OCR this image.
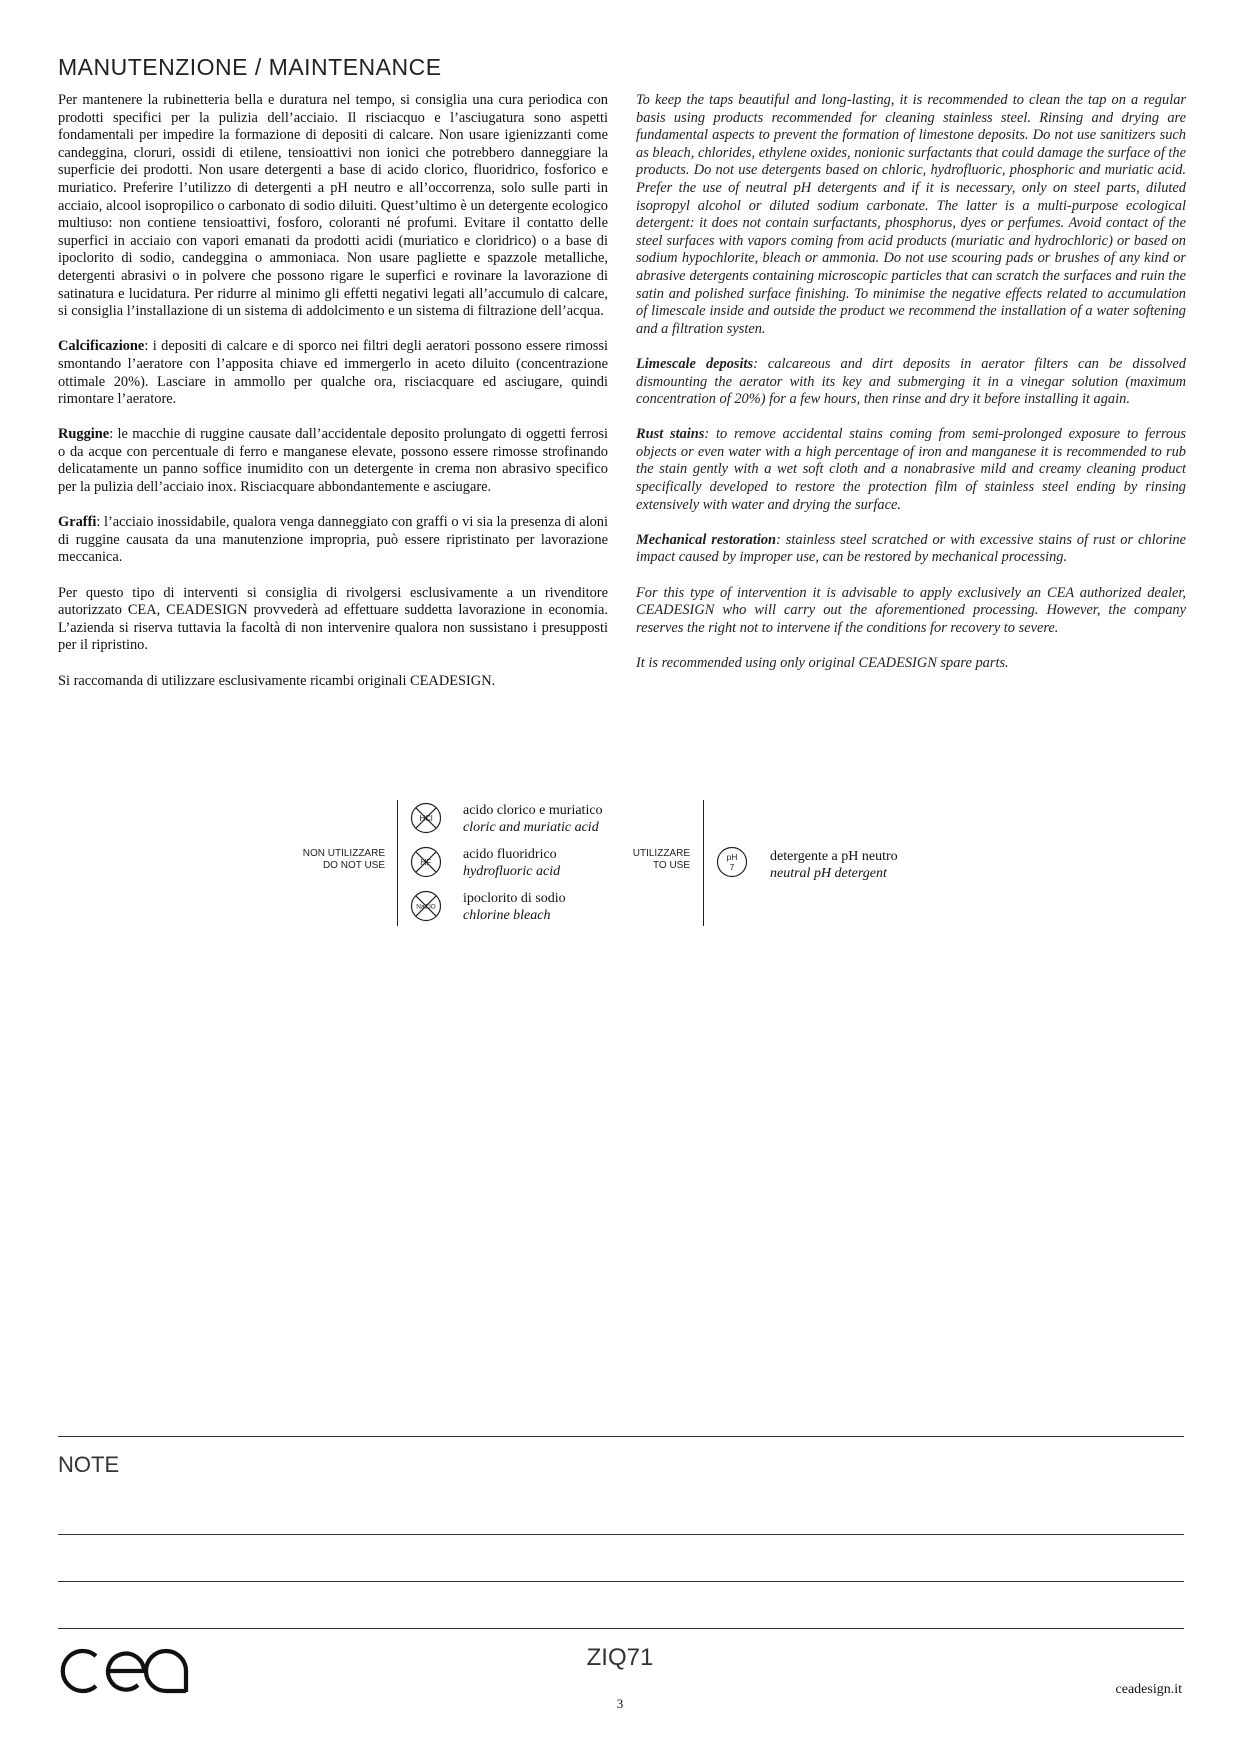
MANUTENZIONE / MAINTENANCE

Per mantenere la rubinetteria bella e duratura nel tempo, si consiglia una cura periodica con prodotti specifici per la pulizia dell’acciaio. Il risciacquo e l’asciugatura sono aspetti fondamentali per impedire la formazione di depositi di calcare. Non usare igienizzanti come candeggina, cloruri, ossidi di etilene, tensioattivi non ionici che potrebbero danneggiare la superficie dei prodotti. Non usare detergenti a base di acido clorico, fluoridrico, fosforico e muriatico. Preferire l’utilizzo di detergenti a pH neutro e all’occorrenza, solo sulle parti in acciaio, alcool isopropilico o carbonato di sodio diluiti. Quest’ultimo è un detergente ecologico multiuso: non contiene tensioattivi, fosforo, coloranti né profumi. Evitare il contatto delle superfici in acciaio con vapori emanati da prodotti acidi (muriatico e cloridrico) o a base di ipoclorito di sodio, candeggina o ammoniaca. Non usare pagliette e spazzole metalliche, detergenti abrasivi o in polvere che possono rigare le superfici e rovinare la lavorazione di satinatura e lucidatura. Per ridurre al minimo gli effetti negativi legati all’accumulo di calcare, si consiglia l’installazione di un sistema di addolcimento e un sistema di filtrazione dell’acqua.

Calcificazione: i depositi di calcare e di sporco nei filtri degli aeratori possono essere rimossi smontando l’aeratore con l’apposita chiave ed immergerlo in aceto diluito (concentrazione ottimale 20%). Lasciare in ammollo per qualche ora, risciacquare ed asciugare, quindi rimontare l’aeratore.

Ruggine: le macchie di ruggine causate dall’accidentale deposito prolungato di oggetti ferrosi o da acque con percentuale di ferro e manganese elevate, possono essere rimosse strofinando delicatamente un panno soffice inumidito con un detergente in crema non abrasivo specifico per la pulizia dell’acciaio inox. Risciacquare abbondantemente e asciugare.

Graffi: l’acciaio inossidabile, qualora venga danneggiato con graffi o vi sia la presenza di aloni di ruggine causata da una manutenzione impropria, può essere ripristinato per lavorazione meccanica.

Per questo tipo di interventi si consiglia di rivolgersi esclusivamente a un rivenditore autorizzato CEA, CEADESIGN provvederà ad effettuare suddetta lavorazione in economia. L’azienda si riserva tuttavia la facoltà di non intervenire qualora non sussistano i presupposti per il ripristino.

Si raccomanda di utilizzare esclusivamente ricambi originali CEADESIGN.

To keep the taps beautiful and long-lasting, it is recommended to clean the tap on a regular basis using products recommended for cleaning stainless steel. Rinsing and drying are fundamental aspects to prevent the formation of limestone deposits. Do not use sanitizers such as bleach, chlorides, ethylene oxides, nonionic surfactants that could damage the surface of the products. Do not use detergents based on chloric, hydrofluoric, phosphoric and muriatic acid. Prefer the use of neutral pH detergents and if it is necessary, only on steel parts, diluted isopropyl alcohol or diluted sodium carbonate. The latter is a multi-purpose ecological detergent: it does not contain surfactants, phosphorus, dyes or perfumes. Avoid contact of the steel surfaces with vapors coming from acid products (muriatic and hydrochloric) or based on sodium hypochlorite, bleach or ammonia. Do not use scouring pads or brushes of any kind or abrasive detergents containing microscopic particles that can scratch the surfaces and ruin the satin and polished surface finishing. To minimise the negative effects related to accumulation of limescale inside and outside the product we recommend the installation of a water softening and a filtration systen.

Limescale deposits: calcareous and dirt deposits in aerator filters can be dissolved dismounting the aerator with its key and submerging it in a vinegar solution (maximum concentration of 20%) for a few hours, then rinse and dry it before installing it again.

Rust stains: to remove accidental stains coming from semi-prolonged exposure to ferrous objects or even water with a high percentage of iron and manganese it is recommended to rub the stain gently with a wet soft cloth and a nonabrasive mild and creamy cleaning product specifically developed to restore the protection film of stainless steel ending by rinsing extensively with water and drying the surface.

Mechanical restoration: stainless steel scratched or with excessive stains of rust or chlorine impact caused by improper use, can be restored by mechanical processing.

For this type of intervention it is advisable to apply exclusively an CEA authorized dealer, CEADESIGN who will carry out the aforementioned processing. However, the company reserves the right not to intervene if the conditions for recovery to severe.

It is recommended using only original CEADESIGN spare parts.

NON UTILIZZARE
DO NOT USE
HCl
acido clorico e muriatico
cloric and muriatic acid
HF
acido fluoridrico
hydrofluoric acid
NaClO
ipoclorito di sodio
chlorine bleach
UTILIZZARE
TO USE
pH
7
detergente a pH neutro
neutral pH detergent
NOTE
ZIQ71
3
ceadesign.it
